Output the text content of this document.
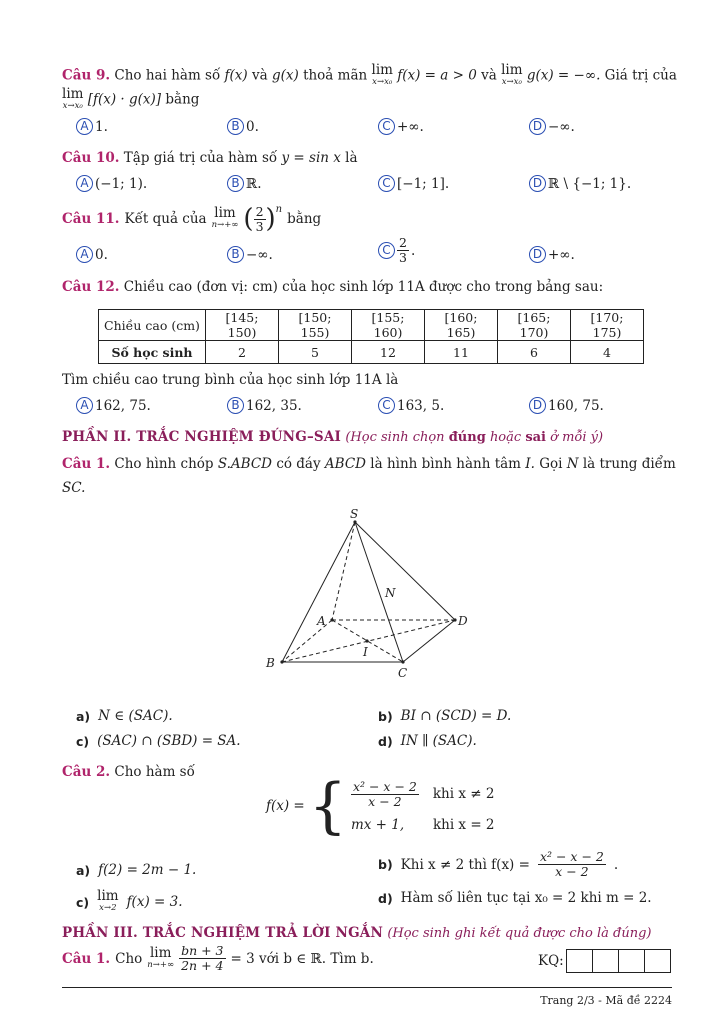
Câu 9. Cho hai hàm số f(x) và g(x) thoả mãn lim
x→x₀ f(x) = a > 0 và lim
x→x₀ g(x) = −∞. Giá trị của
lim
x→x₀ [f(x) · g(x)] bằng
A 1.	B 0.	C +∞.	D −∞.
Câu 10. Tập giá trị của hàm số y = sin x là
A (−1; 1).	B ℝ.	C [−1; 1].	D ℝ \ {−1; 1}.
Câu 11. Kết quả của lim
n→+∞ ( $\frac{2}{3} )^n$
bằng
A 0.	B −∞.	C $\frac{2}{3}$ .	D +∞.
Câu 12. Chiều cao (đơn vị: cm) của học sinh lớp 11A được cho trong bảng sau:
Chiều cao (cm)	[145; 150)	[150; 155)	[155; 160)	[160; 165)	[165; 170)	[170; 175)
Số học sinh	2	5	12	11	6	4
Tìm chiều cao trung bình của học sinh lớp 11A là
A 162, 75.	B 162, 35.	C 163, 5.	D 160, 75.
PHẦN II. TRẮC NGHIỆM ĐÚNG–SAI (Học sinh chọn đúng hoặc sai ở mỗi ý)
Câu 1. Cho hình chóp S.ABCD có đáy ABCD là hình bình hành tâm I. Gọi N là trung điểm
SC.
S
A
B
C
D
N
I
a) N ∈ (SAC).	b) BI ∩ (SCD) = D.
c) (SAC) ∩ (SBD) = SA.	d) IN ∥ (SAC).
Câu 2. Cho hàm số
f(x) = { $\frac{\text{x² − x − 2}}{x - 2}$ khi x ≠ 2
mx + 1,	khi x = 2
a) f(2) = 2m − 1.	b) Khi x ≠ 2 thì $f(x) = \frac{\text{x² − x − 2}}{x - 2}$ .
c) lim
x→2 f(x) = 3.	d) Hàm số liên tục tại x₀ = 2 khi m = 2.
PHẦN III. TRẮC NGHIỆM TRẢ LỜI NGẮN (Học sinh ghi kết quả được cho là đúng)
Câu 1. Cho lim
$n\to+\infty \frac{bn + 3}{2n + 4} = 3$ với b ∈ ℝ. Tìm b.	KQ:
Trang 2/3 - Mã đề 2224
